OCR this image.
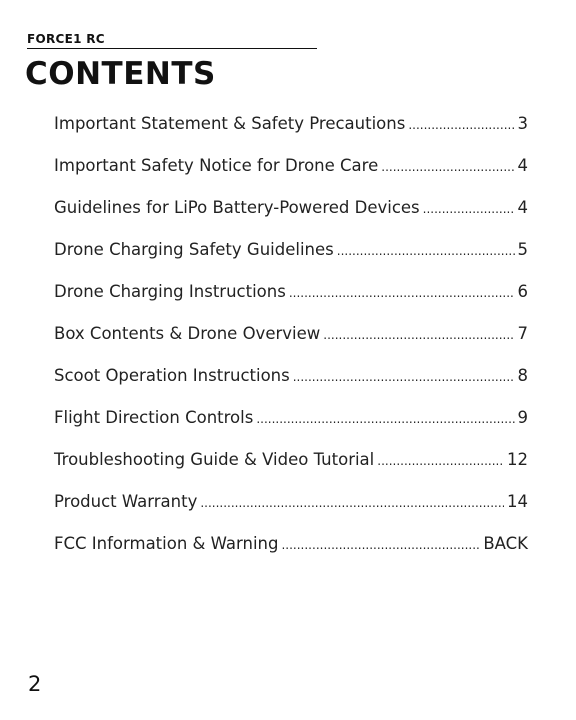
FORCE1 RC
CONTENTS
Important Statement & Safety Precautions .....	3
Important Safety Notice for Drone Care .....	4
Guidelines for LiPo Battery-Powered Devices .....	4
Drone Charging Safety Guidelines .....	5
Drone Charging Instructions .....	6
Box Contents & Drone Overview .....	7
Scoot Operation Instructions .....	8
Flight Direction Controls .....	9
Troubleshooting Guide & Video Tutorial .....	12
Product Warranty .....	14
FCC Information & Warning .....	BACK
2
